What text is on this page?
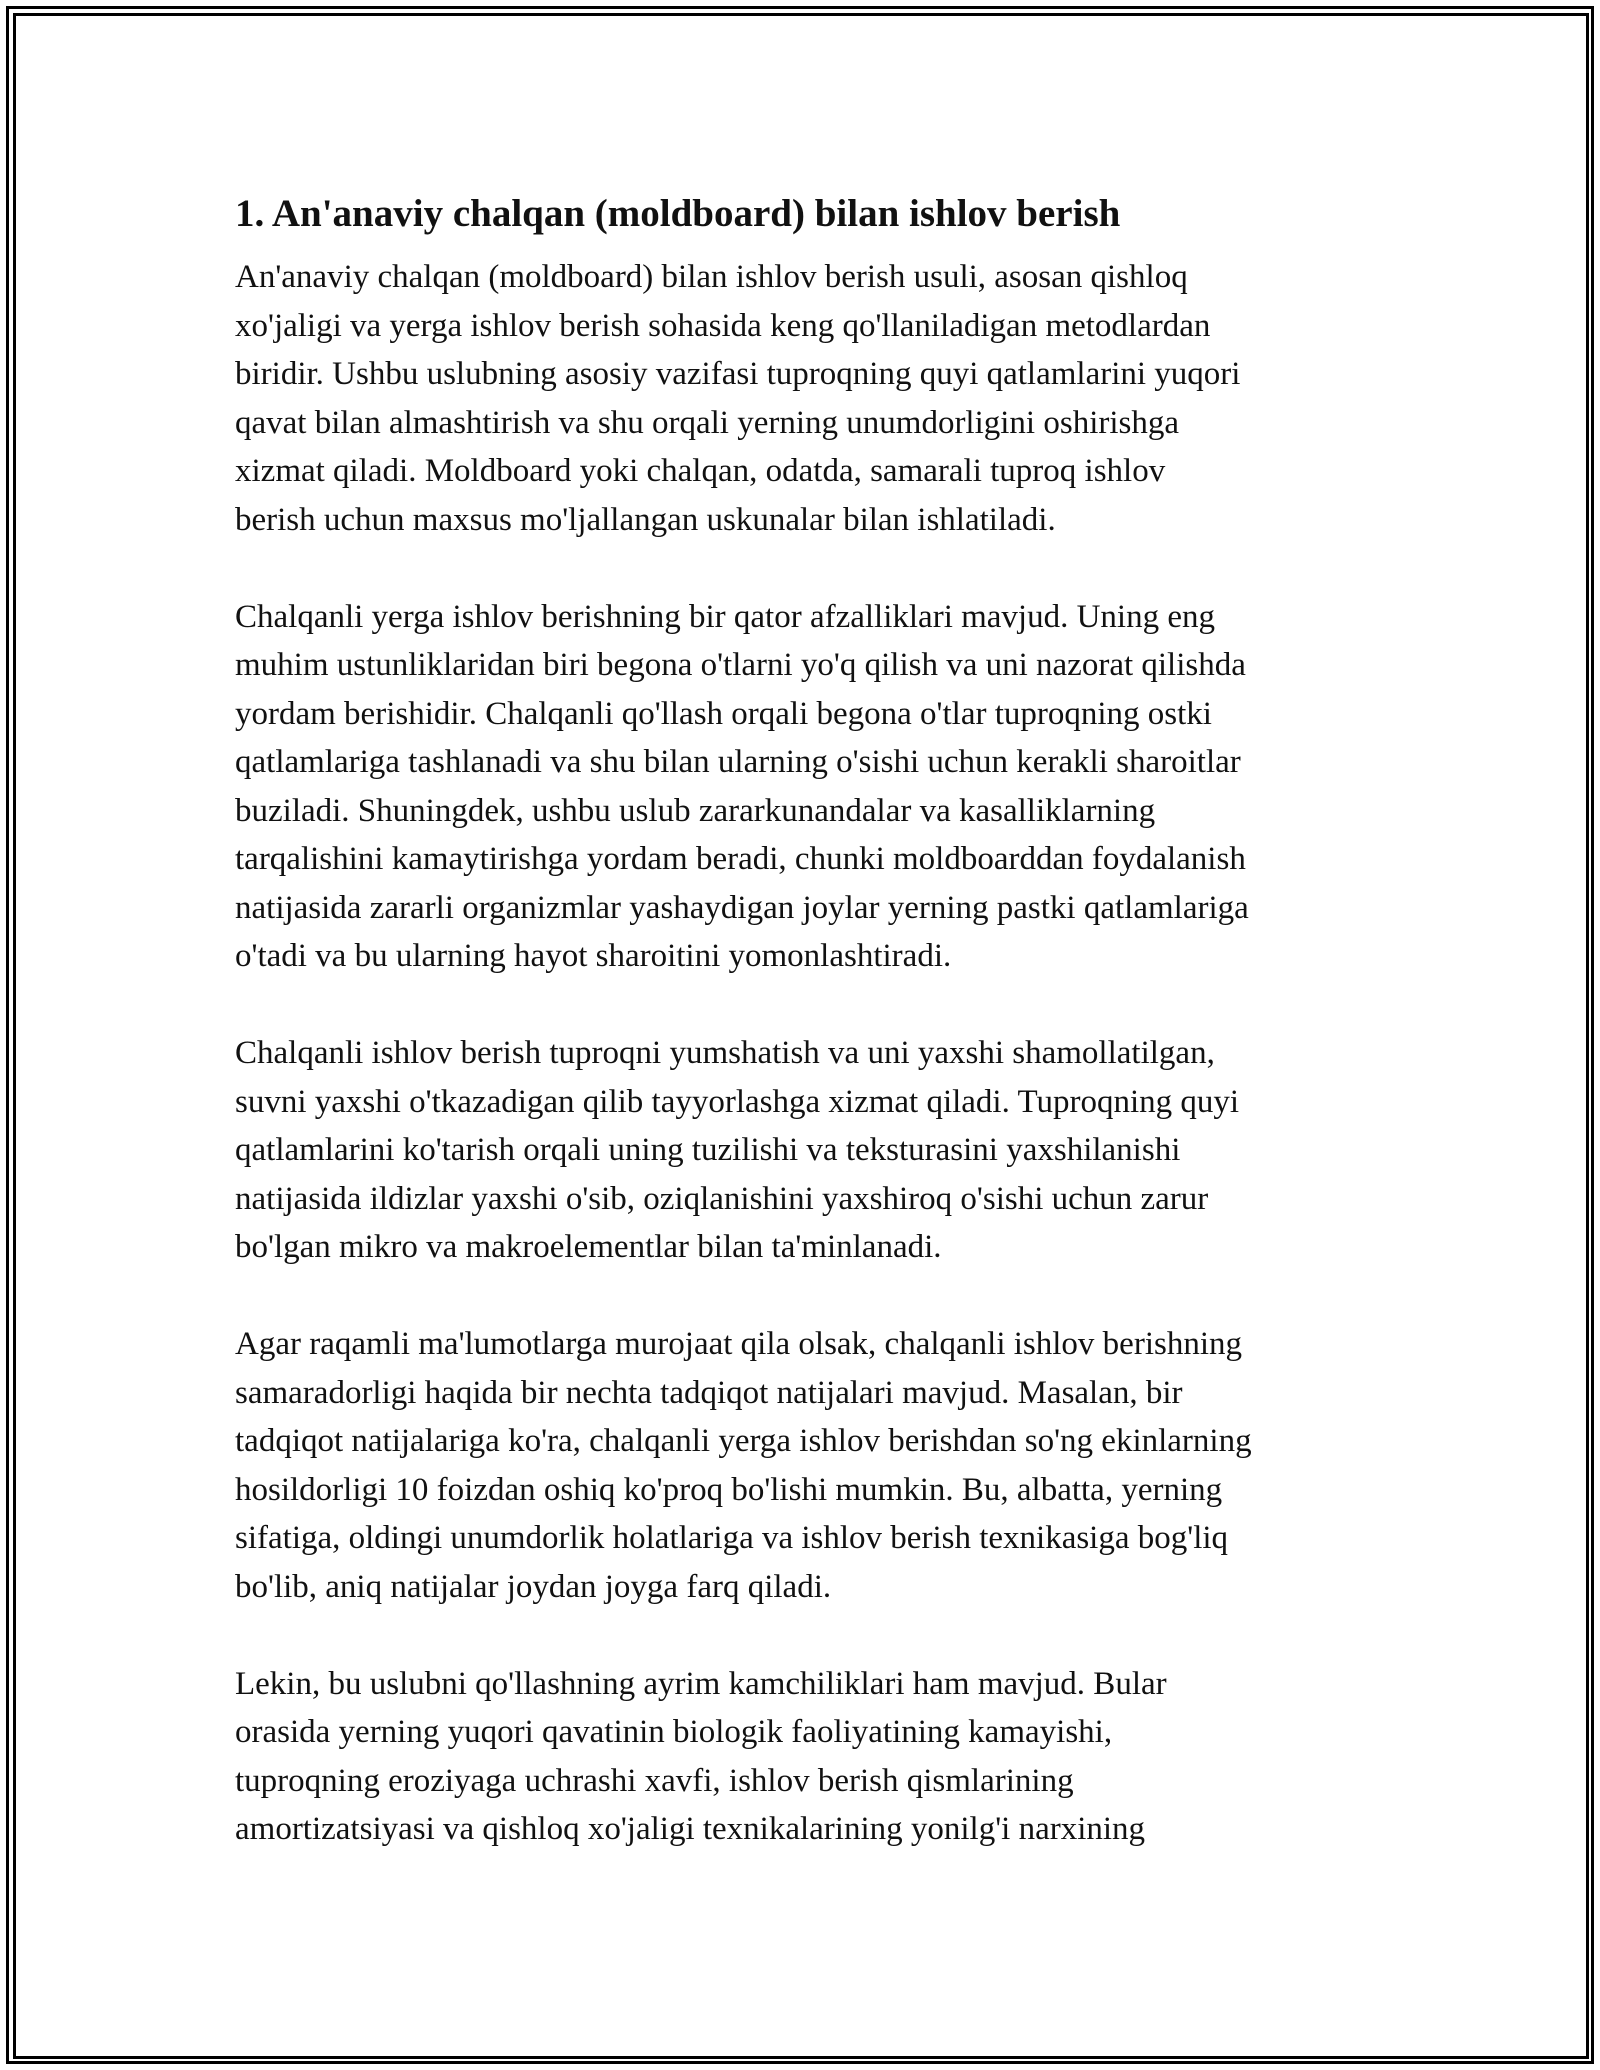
1. An'anaviy chalqan (moldboard) bilan ishlov berish

An'anaviy chalqan (moldboard) bilan ishlov berish usuli, asosan qishloq
xo'jaligi va yerga ishlov berish sohasida keng qo'llaniladigan metodlardan
biridir. Ushbu uslubning asosiy vazifasi tuproqning quyi qatlamlarini yuqori
qavat bilan almashtirish va shu orqali yerning unumdorligini oshirishga
xizmat qiladi. Moldboard yoki chalqan, odatda, samarali tuproq ishlov
berish uchun maxsus mo'ljallangan uskunalar bilan ishlatiladi.

Chalqanli yerga ishlov berishning bir qator afzalliklari mavjud. Uning eng
muhim ustunliklaridan biri begona o'tlarni yo'q qilish va uni nazorat qilishda
yordam berishidir. Chalqanli qo'llash orqali begona o'tlar tuproqning ostki
qatlamlariga tashlanadi va shu bilan ularning o'sishi uchun kerakli sharoitlar
buziladi. Shuningdek, ushbu uslub zararkunandalar va kasalliklarning
tarqalishini kamaytirishga yordam beradi, chunki moldboarddan foydalanish
natijasida zararli organizmlar yashaydigan joylar yerning pastki qatlamlariga
o'tadi va bu ularning hayot sharoitini yomonlashtiradi.

Chalqanli ishlov berish tuproqni yumshatish va uni yaxshi shamollatilgan,
suvni yaxshi o'tkazadigan qilib tayyorlashga xizmat qiladi. Tuproqning quyi
qatlamlarini ko'tarish orqali uning tuzilishi va teksturasini yaxshilanishi
natijasida ildizlar yaxshi o'sib, oziqlanishini yaxshiroq o'sishi uchun zarur
bo'lgan mikro va makroelementlar bilan ta'minlanadi.

Agar raqamli ma'lumotlarga murojaat qila olsak, chalqanli ishlov berishning
samaradorligi haqida bir nechta tadqiqot natijalari mavjud. Masalan, bir
tadqiqot natijalariga ko'ra, chalqanli yerga ishlov berishdan so'ng ekinlarning
hosildorligi 10 foizdan oshiq ko'proq bo'lishi mumkin. Bu, albatta, yerning
sifatiga, oldingi unumdorlik holatlariga va ishlov berish texnikasiga bog'liq
bo'lib, aniq natijalar joydan joyga farq qiladi.

Lekin, bu uslubni qo'llashning ayrim kamchiliklari ham mavjud. Bular
orasida yerning yuqori qavatinin biologik faoliyatining kamayishi,
tuproqning eroziyaga uchrashi xavfi, ishlov berish qismlarining
amortizatsiyasi va qishloq xo'jaligi texnikalarining yonilg'i narxining
